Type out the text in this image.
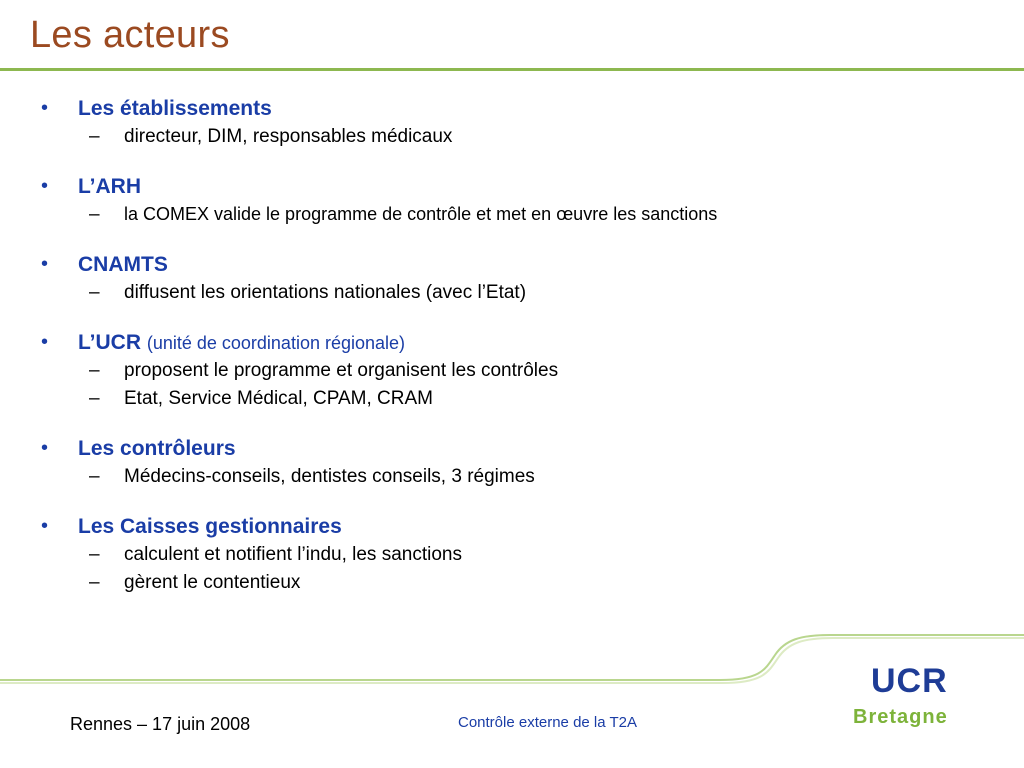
Les acteurs
• Les établissements
– directeur, DIM, responsables médicaux
• L’ARH
– la COMEX valide le programme de contrôle et met en œuvre les sanctions
• CNAMTS
– diffusent les orientations nationales (avec l’Etat)
• L’UCR (unité de coordination régionale)
– proposent le programme et organisent les contrôles
– Etat, Service Médical, CPAM, CRAM
• Les contrôleurs
– Médecins-conseils, dentistes conseils, 3 régimes
• Les Caisses gestionnaires
– calculent et notifient l’indu, les sanctions
– gèrent le contentieux
Rennes – 17 juin 2008	Contrôle externe de la T2A
UCR
Bretagne
